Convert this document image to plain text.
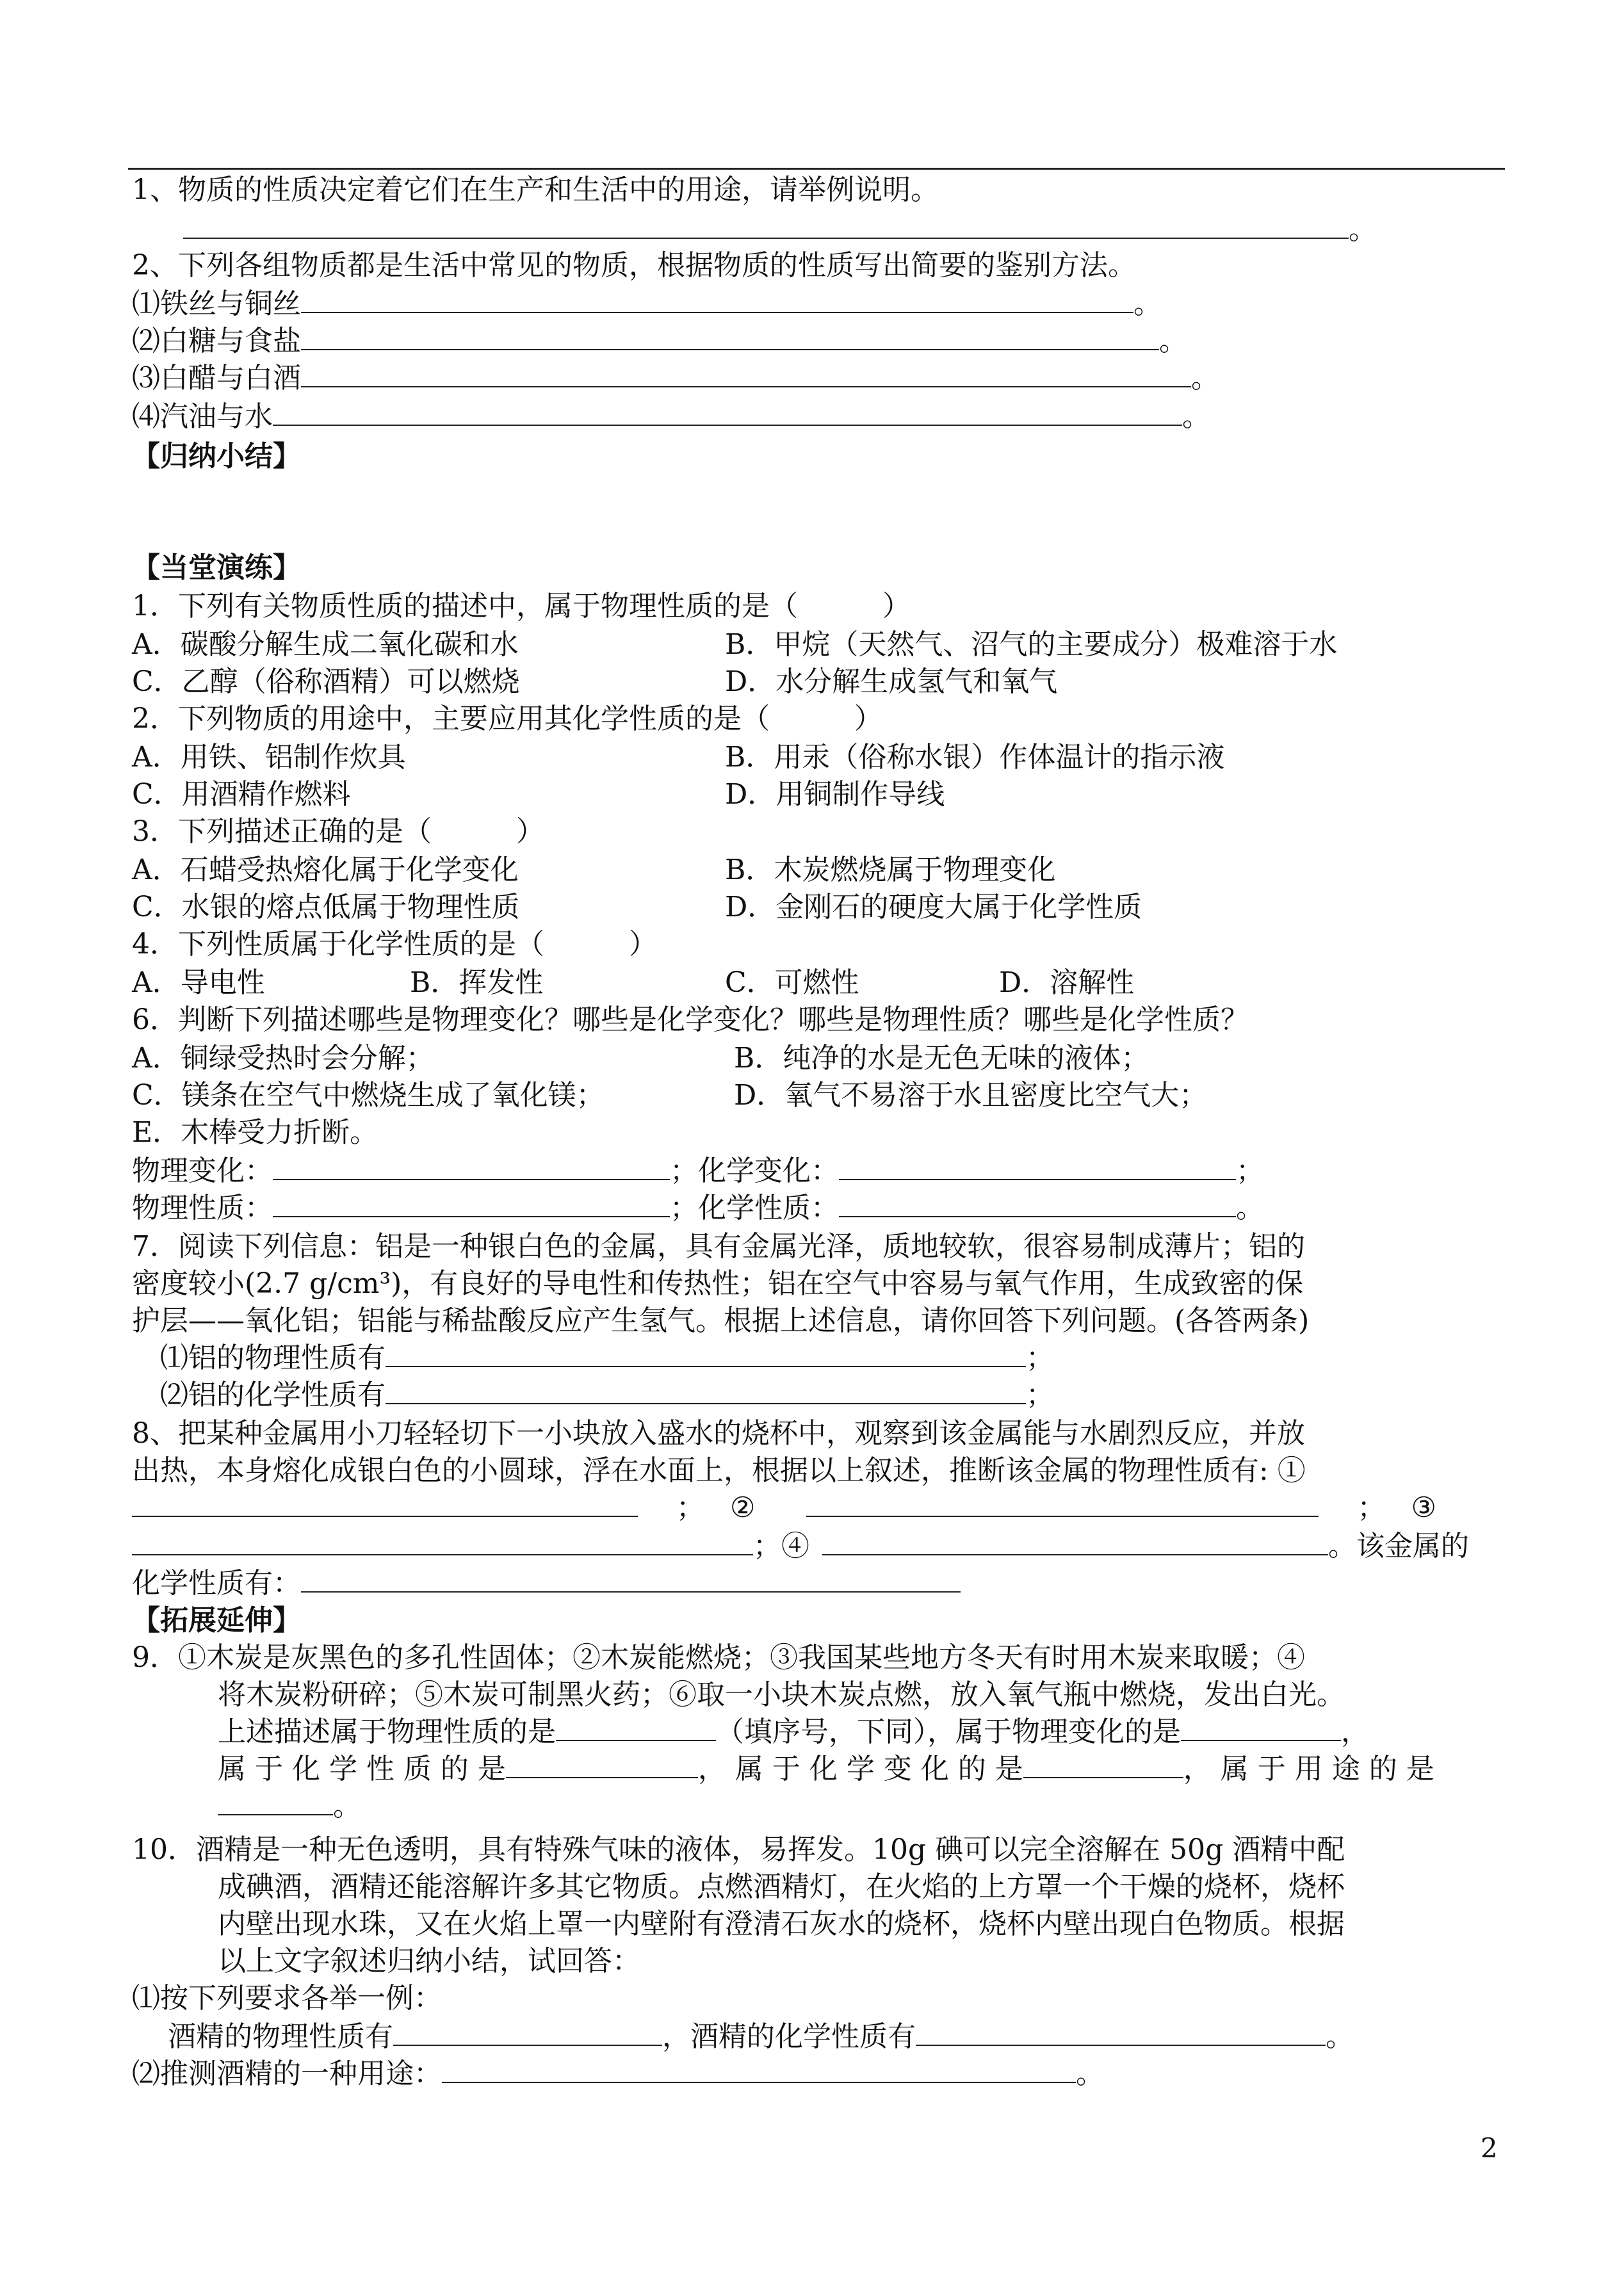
1、物质的性质决定着它们在生产和生活中的用途，请举例说明。
。
2、下列各组物质都是生活中常见的物质，根据物质的性质写出简要的鉴别方法。
⑴铁丝与铜丝	。
⑵白糖与食盐	。
⑶白醋与白酒	。
⑷汽油与水	。
【归纳小结】
【当堂演练】
1．下列有关物质性质的描述中，属于物理性质的是（　　　）
A．碳酸分解生成二氧化碳和水	B．甲烷（天然气、沼气的主要成分）极难溶于水
C．乙醇（俗称酒精）可以燃烧	D．水分解生成氢气和氧气
2．下列物质的用途中，主要应用其化学性质的是（　　　）
A．用铁、铝制作炊具	B．用汞（俗称水银）作体温计的指示液
C．用酒精作燃料	D．用铜制作导线
3．下列描述正确的是（　　　）
A．石蜡受热熔化属于化学变化	B．木炭燃烧属于物理变化
C．水银的熔点低属于物理性质	D．金刚石的硬度大属于化学性质
4．下列性质属于化学性质的是（　　　）
A．导电性	B．挥发性	C．可燃性	D．溶解性
6．判断下列描述哪些是物理变化？哪些是化学变化？哪些是物理性质？哪些是化学性质？
A．铜绿受热时会分解；	B．纯净的水是无色无味的液体；
C．镁条在空气中燃烧生成了氧化镁；	D．氧气不易溶于水且密度比空气大；
E．木棒受力折断。
物理变化：	；化学变化：	；
物理性质：	；化学性质：	。
7．阅读下列信息：铝是一种银白色的金属，具有金属光泽，质地较软，很容易制成薄片；铝的
密度较小(2.7 g/cm³)，有良好的导电性和传热性；铝在空气中容易与氧气作用，生成致密的保
护层——氧化铝；铝能与稀盐酸反应产生氢气。根据上述信息，请你回答下列问题。(各答两条)
⑴铝的物理性质有	；
⑵铝的化学性质有	；
8、把某种金属用小刀轻轻切下一小块放入盛水的烧杯中，观察到该金属能与水剧烈反应，并放
出热，本身熔化成银白色的小圆球，浮在水面上，根据以上叙述，推断该金属的物理性质有: ①
； ②	； ③
；④	。该金属的
化学性质有：
【拓展延伸】
9．①木炭是灰黑色的多孔性固体；②木炭能燃烧；③我国某些地方冬天有时用木炭来取暖；④
将木炭粉研碎；⑤木炭可制黑火药；⑥取一小块木炭点燃，放入氧气瓶中燃烧，发出白光。
上述描述属于物理性质的是	（填序号，下同），属于物理变化的是	，
属 于 化 学 性 质 的 是	， 属 于 化 学 变 化 的 是	， 属 于 用 途 的 是
。
10．酒精是一种无色透明，具有特殊气味的液体，易挥发。10g 碘可以完全溶解在 50g 酒精中配
成碘酒，酒精还能溶解许多其它物质。点燃酒精灯，在火焰的上方罩一个干燥的烧杯，烧杯
内壁出现水珠，又在火焰上罩一内壁附有澄清石灰水的烧杯，烧杯内壁出现白色物质。根据
以上文字叙述归纳小结，试回答：
⑴按下列要求各举一例：
酒精的物理性质有	，酒精的化学性质有	。
⑵推测酒精的一种用途：	。
2
